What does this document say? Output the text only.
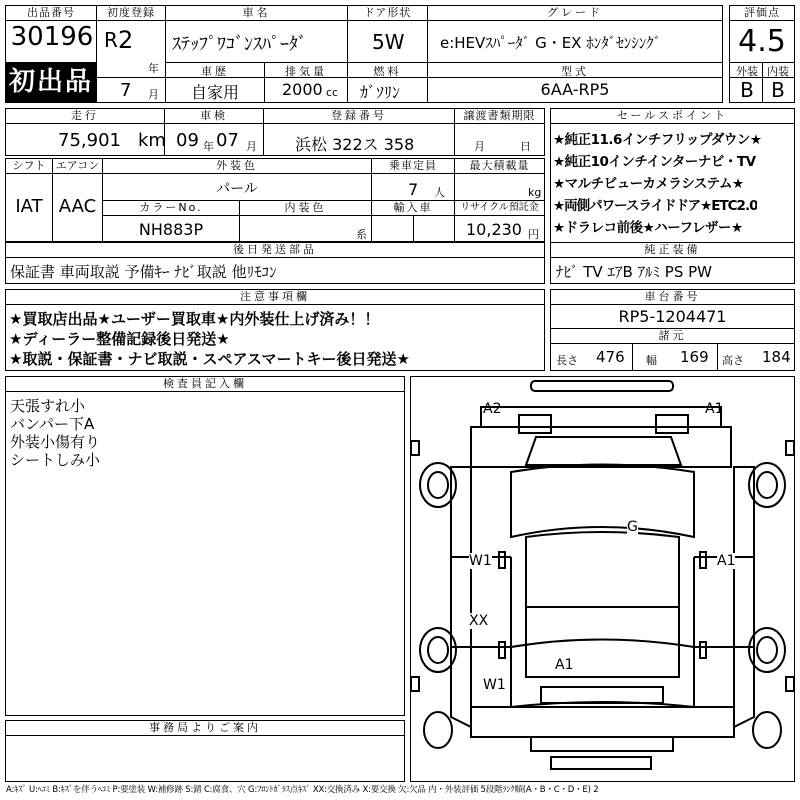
出品番号
30196
初出品
初度登録
R 2
年
7 月
車名
ｽﾃｯﾌﾟﾜｺﾞﾝｽﾊﾟｰﾀﾞ
ドア形状
5W
グレード
e:HEVｽﾊﾟｰﾀﾞ G・EX ﾎﾝﾀﾞｾﾝｼﾝｸﾞ
評価点
4.5
外装 内装
B B
車歴
自家用
排気量
2000 cc
燃料
ｶﾞｿﾘﾝ
型式
6AA-RP5
走行
75,901 km
車検
09 年 07 月
登録番号
浜松 322ス 358
譲渡書類期限
月	日
シフト
IAT
エアコン
AAC
外装色
パール
乗車定員
7 人
最大積載量
kg
カラーNo.
NH883P
内装色
系
輸入車	リサイクル預託金
10,230 円
後日発送部品
保証書 車両取説 予備ｷｰ ﾅﾋﾞ取説 他ﾘﾓｺﾝ
セールスポイント
★純正11.6インチフリップダウン★
★純正10インチインターナビ・TV
★マルチビューカメラシステム★
★両側パワースライドドア★ETC2.0
★ドラレコ前後★ハーフレザー★
純正装備
ﾅﾋﾞ TV ｴｱB ｱﾙﾐ PS PW
注意事項欄
★買取店出品★ユーザー買取車★内外装仕上げ済み！！
★ディーラー整備記録後日発送★
★取説・保証書・ナビ取説・スペアスマートキー後日発送★
車台番号
RP5-1204471
諸元
長さ 476 幅 169 高さ 184
検査員記入欄
天張すれ小
バンパー下A
外装小傷有り
シートしみ小
事務局よりご案内
A2	A1
G
W1	A1
XX
A1
W1
A:ｷｽﾞ U:ﾍｺﾐ B:ｷｽﾞを伴うﾍｺﾐ P:要塗装 W:補修跡 S:錆 C:腐食、穴 G:ﾌﾛﾝﾄｶﾞﾗｽ点ｷｽﾞ XX:交換済み X:要交換 欠:欠品 内・外装評価 5段階ﾗﾝｸ順(A・B・C・D・E) 2
